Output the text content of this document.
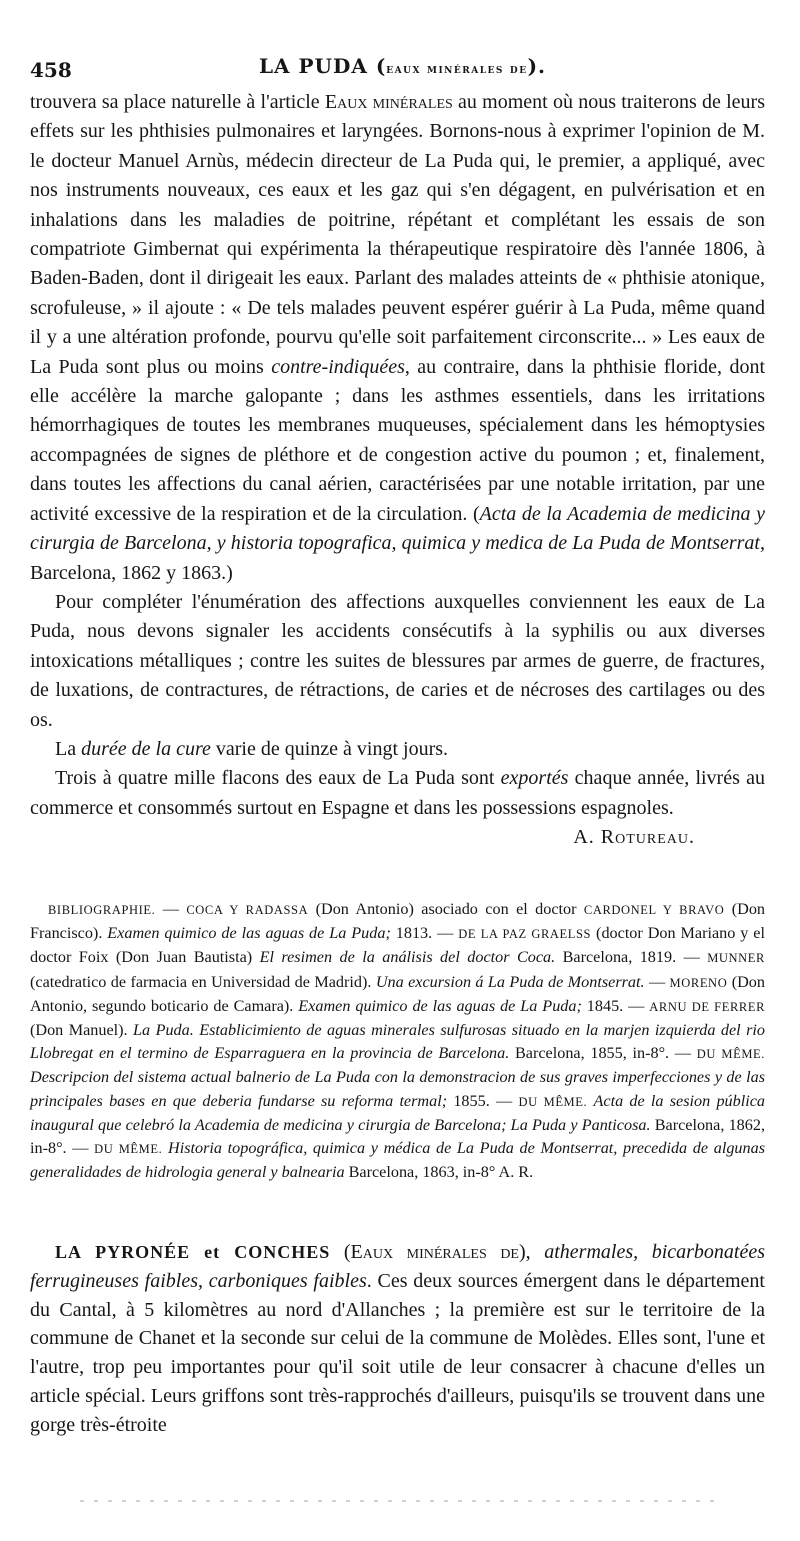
458	LA PUDA (eaux minérales de).

trouvera sa place naturelle à l'article Eaux minérales au moment où nous traiterons de leurs effets sur les phthisies pulmonaires et laryngées. Bornons-nous à exprimer l'opinion de M. le docteur Manuel Arnùs, médecin directeur de La Puda qui, le premier, a appliqué, avec nos instruments nouveaux, ces eaux et les gaz qui s'en dégagent, en pulvérisation et en inhalations dans les maladies de poitrine, répétant et complétant les essais de son compatriote Gimbernat qui expérimenta la thérapeutique respiratoire dès l'année 1806, à Baden-Baden, dont il dirigeait les eaux. Parlant des malades atteints de « phthisie atonique, scrofuleuse, » il ajoute : « De tels malades peuvent espérer guérir à La Puda, même quand il y a une altération profonde, pourvu qu'elle soit parfaitement circonscrite... » Les eaux de La Puda sont plus ou moins contre-indiquées, au contraire, dans la phthisie floride, dont elle accélère la marche galopante ; dans les asthmes essentiels, dans les irritations hémorrhagiques de toutes les membranes muqueuses, spécialement dans les hémoptysies accompagnées de signes de pléthore et de congestion active du poumon ; et, finalement, dans toutes les affections du canal aérien, caractérisées par une notable irritation, par une activité excessive de la respiration et de la circulation. (Acta de la Academia de medicina y cirurgia de Barcelona, y historia topografica, quimica y medica de La Puda de Montserrat, Barcelona, 1862 y 1863.)

Pour compléter l'énumération des affections auxquelles conviennent les eaux de La Puda, nous devons signaler les accidents consécutifs à la syphilis ou aux diverses intoxications métalliques ; contre les suites de blessures par armes de guerre, de fractures, de luxations, de contractures, de rétractions, de caries et de nécroses des cartilages ou des os.

La durée de la cure varie de quinze à vingt jours.

Trois à quatre mille flacons des eaux de La Puda sont exportés chaque année, livrés au commerce et consommés surtout en Espagne et dans les possessions espagnoles.

A. Rotureau.

BIBLIOGRAPHIE. — COCA Y RADASSA (Don Antonio) asociado con el doctor CARDONEL Y BRAVO (Don Francisco). Examen quimico de las aguas de La Puda; 1813. — DE LA PAZ GRAELSS (doctor Don Mariano y el doctor Foix (Don Juan Bautista) El resimen de la análisis del doctor Coca. Barcelona, 1819. — MUNNER (catedratico de farmacia en Universidad de Madrid). Una excursion á La Puda de Montserrat. — MORENO (Don Antonio, segundo boticario de Camara). Examen quimico de las aguas de La Puda; 1845. — ARNU DE FERRER (Don Manuel). La Puda. Establicimiento de aguas minerales sulfurosas situado en la marjen izquierda del rio Llobregat en el termino de Esparraguera en la provincia de Barcelona. Barcelona, 1855, in-8°. — DU MÊME. Descripcion del sistema actual balnerio de La Puda con la demonstracion de sus graves imperfecciones y de las principales bases en que deberia fundarse su reforma termal; 1855. — DU MÊME. Acta de la sesion pública inaugural que celebró la Academia de medicina y cirurgia de Barcelona; La Puda y Panticosa. Barcelona, 1862, in-8°. — DU MÊME. Historia topográfica, quimica y médica de La Puda de Montserrat, precedida de algunas generalidades de hidrologia general y balnearia Barcelona, 1863, in-8° A. R.

LA PYRONÉE et CONCHES (Eaux minérales de), athermales, bicarbonatées ferrugineuses faibles, carboniques faibles. Ces deux sources émergent dans le département du Cantal, à 5 kilomètres au nord d'Allanches ; la première est sur le territoire de la commune de Chanet et la seconde sur celui de la commune de Molèdes. Elles sont, l'une et l'autre, trop peu importantes pour qu'il soit utile de leur consacrer à chacune d'elles un article spécial. Leurs griffons sont très-rapprochés d'ailleurs, puisqu'ils se trouvent dans une gorge très-étroite
